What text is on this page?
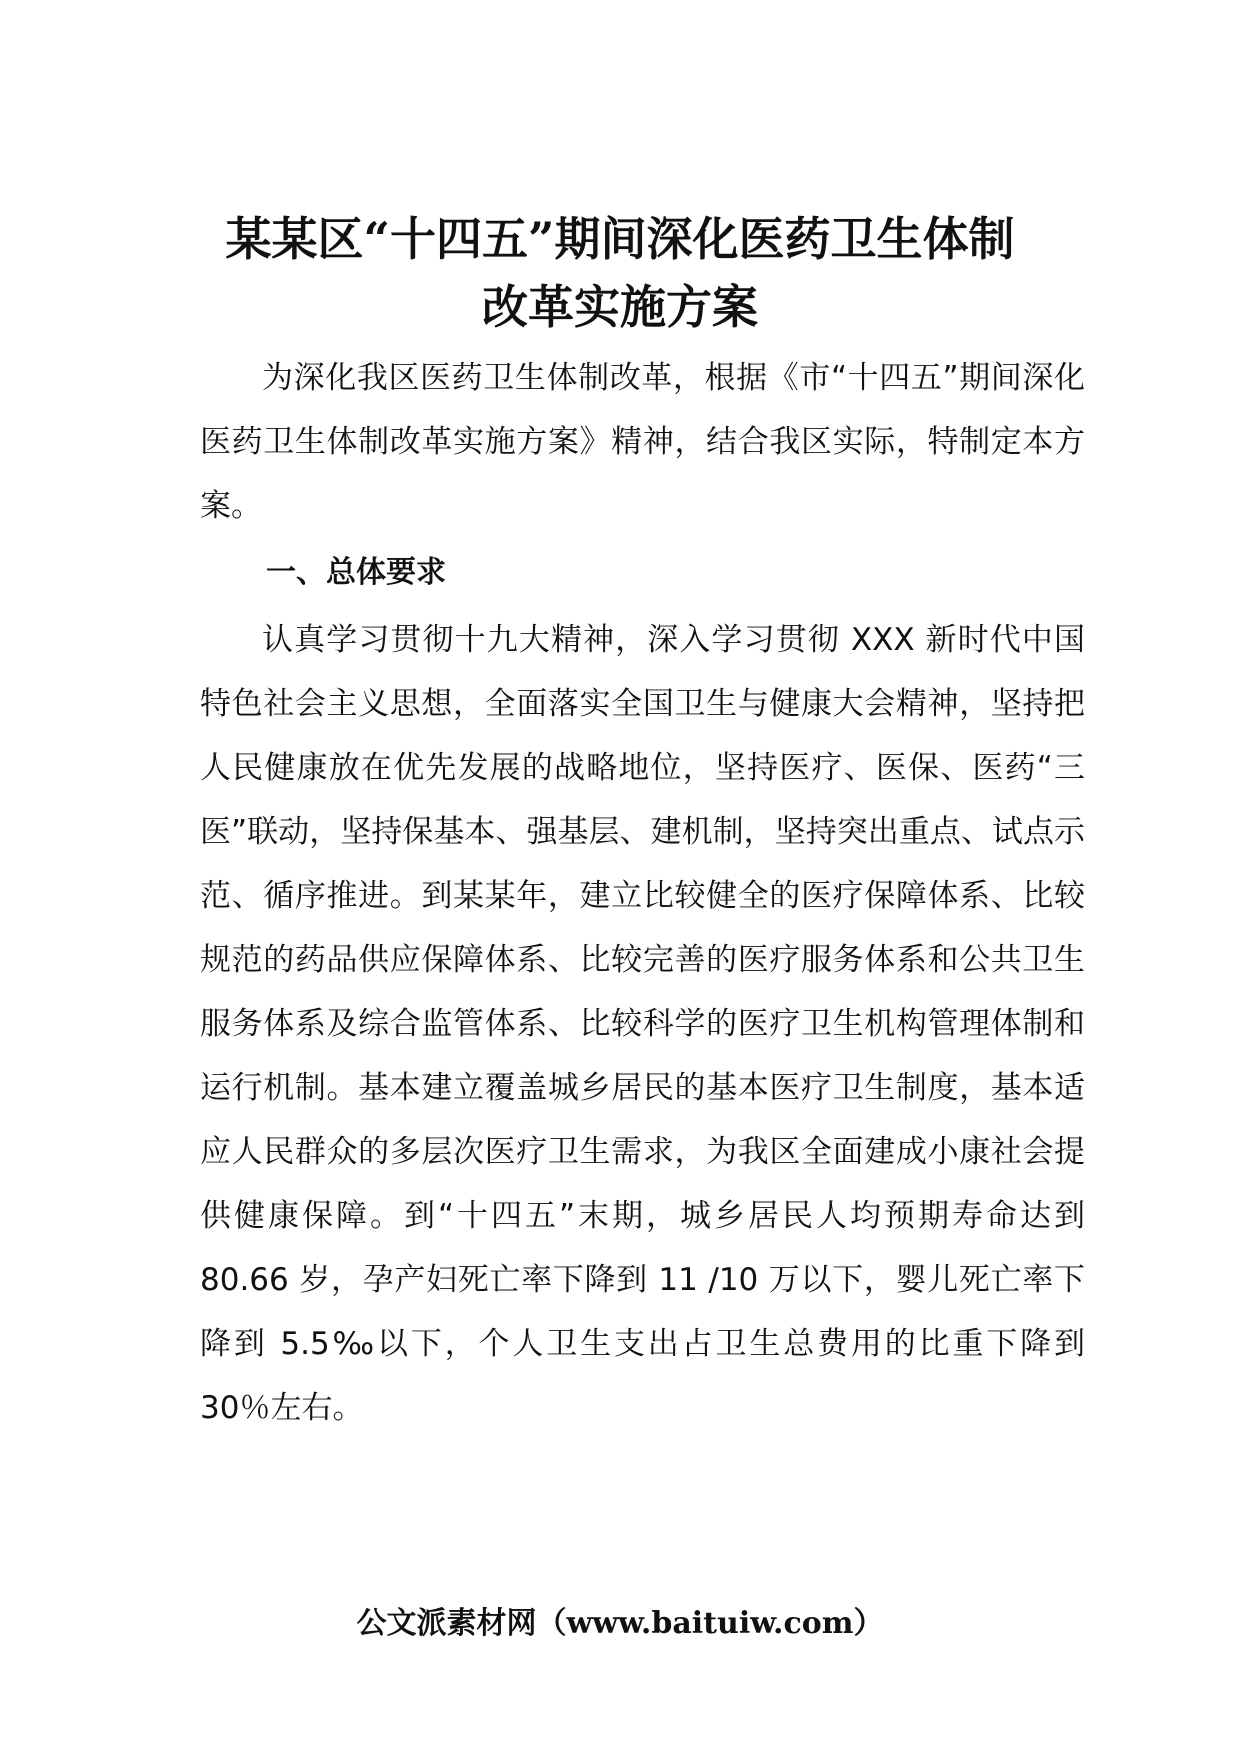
某某区“十四五”期间深化医药卫生体制
改革实施方案

为深化我区医药卫生体制改革，根据《市“十四五”期间深化医药卫生体制改革实施方案》精神，结合我区实际，特制定本方案。

一、总体要求

认真学习贯彻十九大精神，深入学习贯彻 XXX 新时代中国特色社会主义思想，全面落实全国卫生与健康大会精神，坚持把人民健康放在优先发展的战略地位，坚持医疗、医保、医药“三医”联动，坚持保基本、强基层、建机制，坚持突出重点、试点示范、循序推进。到某某年，建立比较健全的医疗保障体系、比较规范的药品供应保障体系、比较完善的医疗服务体系和公共卫生服务体系及综合监管体系、比较科学的医疗卫生机构管理体制和运行机制。基本建立覆盖城乡居民的基本医疗卫生制度，基本适应人民群众的多层次医疗卫生需求，为我区全面建成小康社会提供健康保障。到“十四五”末期，城乡居民人均预期寿命达到 80.66 岁，孕产妇死亡率下降到 11 /10 万以下，婴儿死亡率下降到 5.5‰以下，个人卫生支出占卫生总费用的比重下降到 30％左右。

公文派素材网（www.baituiw.com）
